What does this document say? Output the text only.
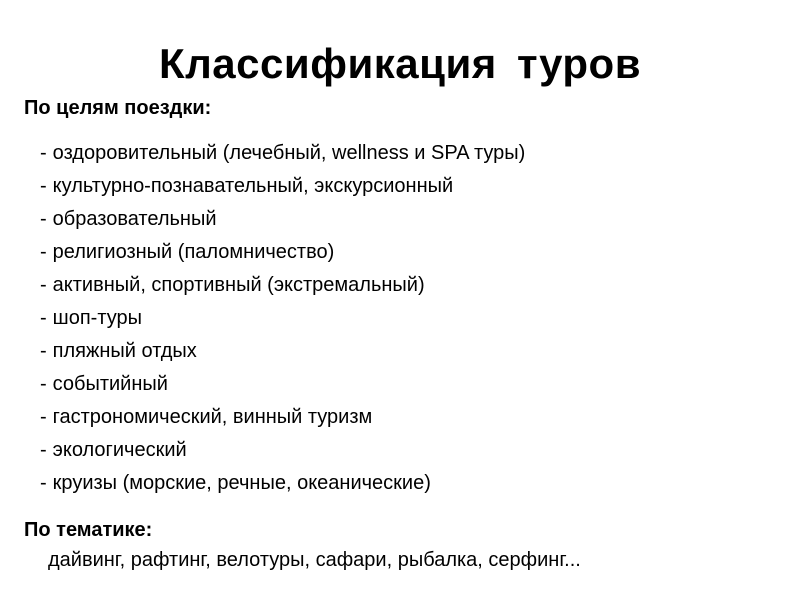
Классификация туров
По целям поездки:
- оздоровительный (лечебный, wellness и SPA туры)
- культурно-познавательный, экскурсионный
- образовательный
- религиозный (паломничество)
- активный, спортивный (экстремальный)
- шоп-туры
- пляжный отдых
- событийный
- гастрономический, винный туризм
- экологический
- круизы (морские, речные, океанические)
По тематике:
дайвинг, рафтинг, велотуры, сафари, рыбалка, серфинг...
